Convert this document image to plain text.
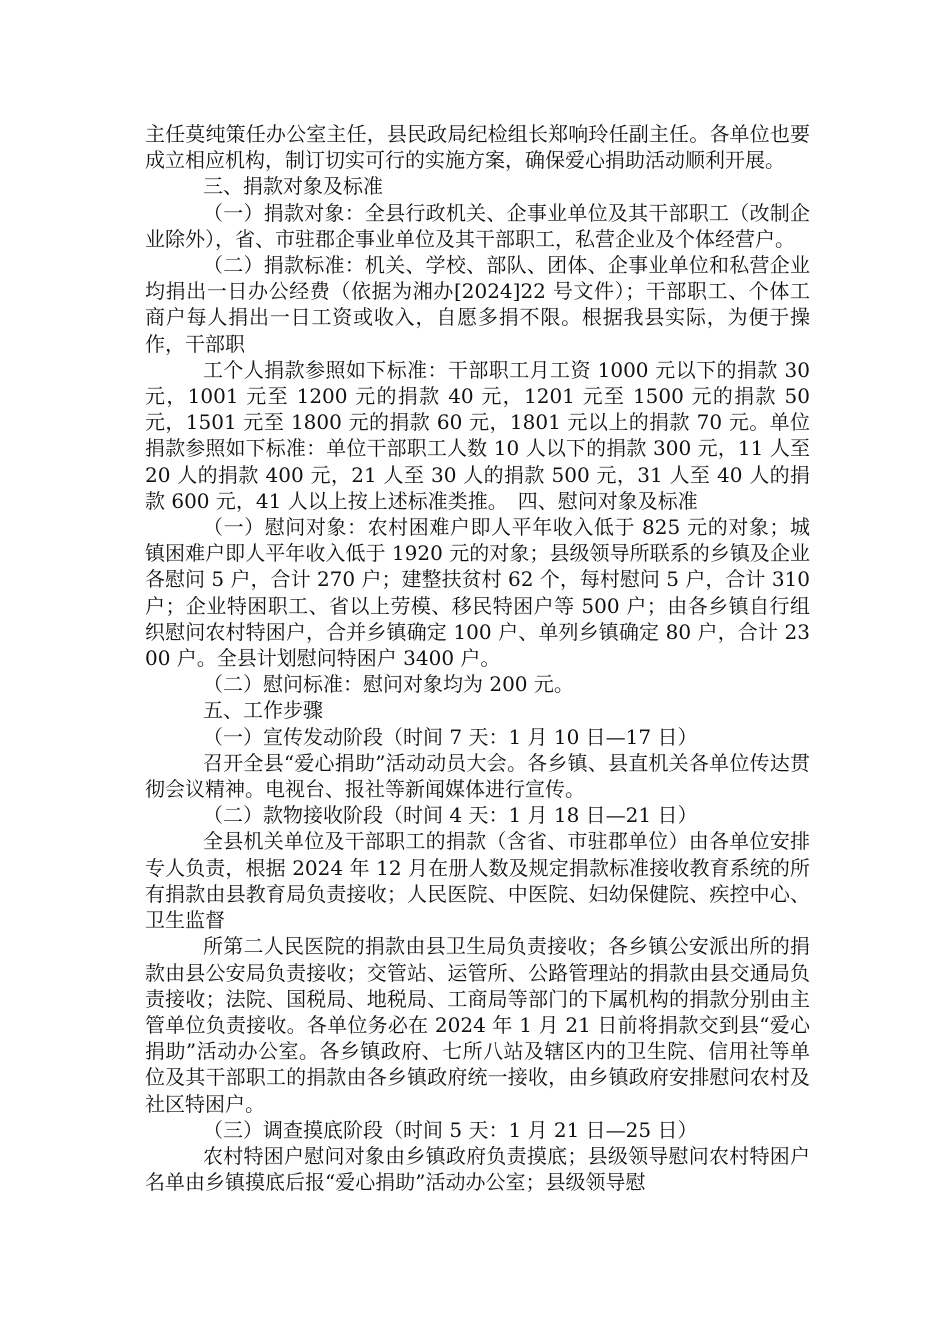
主任莫纯策任办公室主任，县民政局纪检组长郑响玲任副主任。各单位也要成立相应机构，制订切实可行的实施方案，确保爱心捐助活动顺利开展。

三、捐款对象及标准

（一）捐款对象：全县行政机关、企事业单位及其干部职工（改制企业除外），省、市驻郡企事业单位及其干部职工，私营企业及个体经营户。

（二）捐款标准：机关、学校、部队、团体、企事业单位和私营企业均捐出一日办公经费（依据为湘办[2024]22 号文件）；干部职工、个体工商户每人捐出一日工资或收入，自愿多捐不限。根据我县实际，为便于操作，干部职

工个人捐款参照如下标准：干部职工月工资 1000 元以下的捐款 30 元，1001 元至 1200 元的捐款 40 元，1201 元至 1500 元的捐款 50 元，1501 元至 1800 元的捐款 60 元，1801 元以上的捐款 70 元。单位捐款参照如下标准：单位干部职工人数 10 人以下的捐款 300 元，11 人至 20 人的捐款 400 元，21 人至 30 人的捐款 500 元，31 人至 40 人的捐款 600 元，41 人以上按上述标准类推。　四、慰问对象及标准

（一）慰问对象：农村困难户即人平年收入低于 825 元的对象；城镇困难户即人平年收入低于 1920 元的对象；县级领导所联系的乡镇及企业各慰问 5 户，合计 270 户；建整扶贫村 62 个，每村慰问 5 户，合计 310 户；企业特困职工、省以上劳模、移民特困户等 500 户；由各乡镇自行组织慰问农村特困户，合并乡镇确定 100 户、单列乡镇确定 80 户，合计 2300 户。全县计划慰问特困户 3400 户。

（二）慰问标准：慰问对象均为 200 元。

五、工作步骤

（一）宣传发动阶段（时间 7 天：1 月 10 日—17 日）

召开全县“爱心捐助”活动动员大会。各乡镇、县直机关各单位传达贯彻会议精神。电视台、报社等新闻媒体进行宣传。

（二）款物接收阶段（时间 4 天：1 月 18 日—21 日）

全县机关单位及干部职工的捐款（含省、市驻郡单位）由各单位安排专人负责，根据 2024 年 12 月在册人数及规定捐款标准接收教育系统的所有捐款由县教育局负责接收；人民医院、中医院、妇幼保健院、疾控中心、卫生监督

所第二人民医院的捐款由县卫生局负责接收；各乡镇公安派出所的捐款由县公安局负责接收；交管站、运管所、公路管理站的捐款由县交通局负责接收；法院、国税局、地税局、工商局等部门的下属机构的捐款分别由主管单位负责接收。各单位务必在 2024 年 1 月 21 日前将捐款交到县“爱心捐助”活动办公室。各乡镇政府、七所八站及辖区内的卫生院、信用社等单位及其干部职工的捐款由各乡镇政府统一接收，由乡镇政府安排慰问农村及社区特困户。

（三）调查摸底阶段（时间 5 天：1 月 21 日—25 日）

农村特困户慰问对象由乡镇政府负责摸底；县级领导慰问农村特困户名单由乡镇摸底后报“爱心捐助”活动办公室；县级领导慰
